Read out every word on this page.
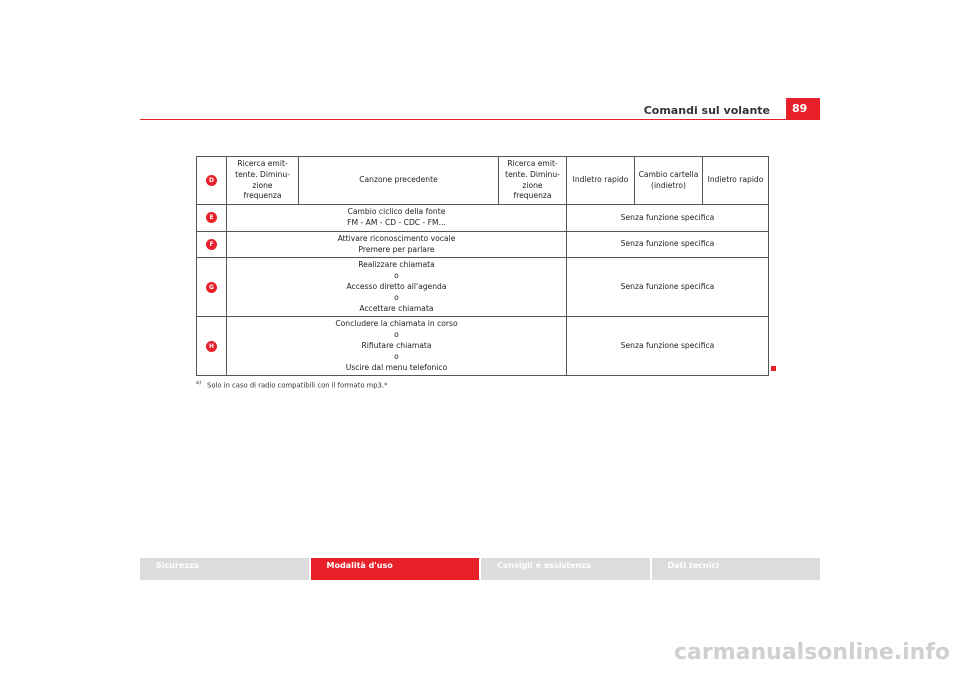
Comandi sul volante	89
D	Ricerca emit-
tente. Diminu-
zione
frequenza	Canzone precedente	Ricerca emit-
tente. Diminu-
zione
frequenza	Indietro rapido	Cambio cartella
(indietro)	Indietro rapido
E	Cambio ciclico della fonte
FM - AM - CD - CDC - FM...			Senza funzione specifica		
F	Attivare riconoscimento vocale
Premere per parlare			Senza funzione specifica		
G	Realizzare chiamata
o
Accesso diretto all'agenda
o
Accettare chiamata			Senza funzione specifica		
H	Concludere la chiamata in corso
o
Rifiutare chiamata
o
Uscire dal menu telefonico			Senza funzione specifica		
$^{a)}$ Solo in caso di radio compatibili con il formato mp3.*
Sicurezza	Modalità d'uso	Consigli e assistenza	Dati tecnici
carmanualsonline.info
